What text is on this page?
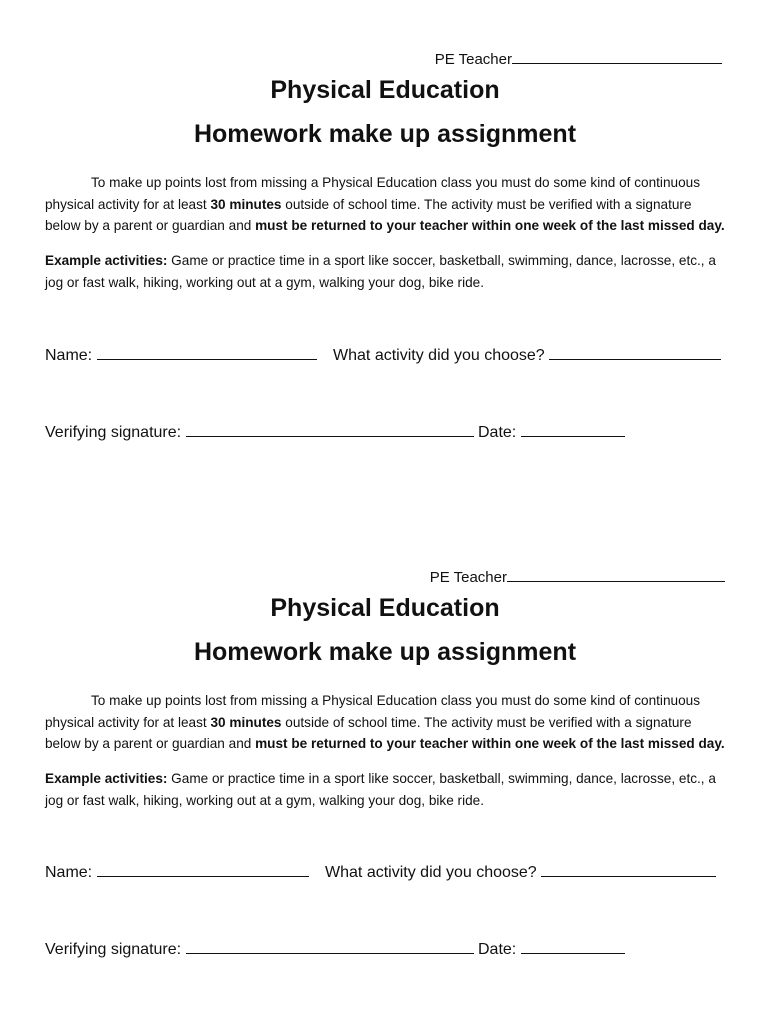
PE Teacher
Physical Education
Homework make up assignment

To make up points lost from missing a Physical Education class you must do some kind of continuous physical activity for at least 30 minutes outside of school time. The activity must be verified with a signature below by a parent or guardian and must be returned to your teacher within one week of the last missed day.

Example activities: Game or practice time in a sport like soccer, basketball, swimming, dance, lacrosse, etc., a jog or fast walk, hiking, working out at a gym, walking your dog, bike ride.

Name:	What activity did you choose?
Verifying signature:	Date:
PE Teacher
Physical Education
Homework make up assignment

To make up points lost from missing a Physical Education class you must do some kind of continuous physical activity for at least 30 minutes outside of school time. The activity must be verified with a signature below by a parent or guardian and must be returned to your teacher within one week of the last missed day.

Example activities: Game or practice time in a sport like soccer, basketball, swimming, dance, lacrosse, etc., a jog or fast walk, hiking, working out at a gym, walking your dog, bike ride.

Name:	What activity did you choose?
Verifying signature:	Date:
